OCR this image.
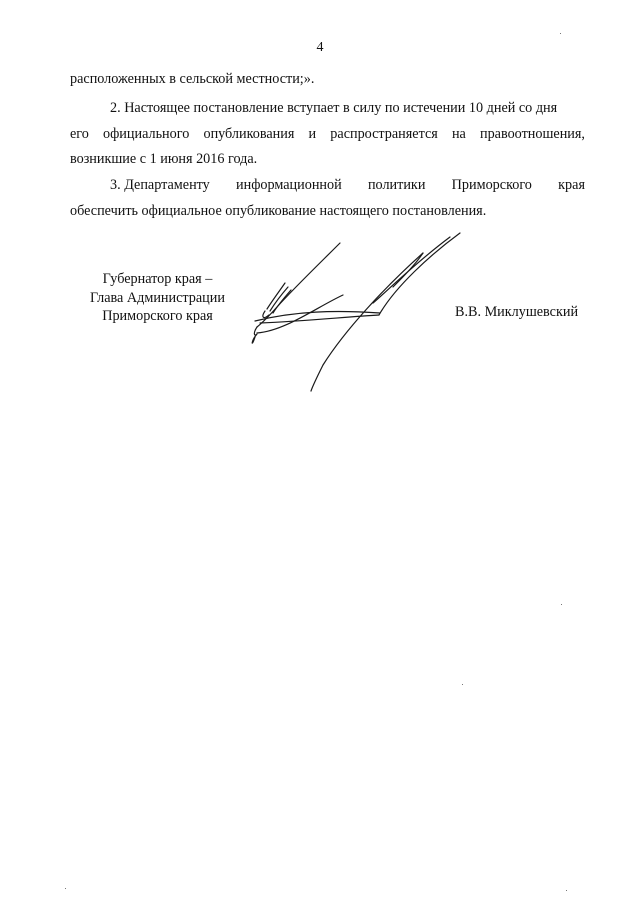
4
расположенных в сельской местности;».
2. Настоящее постановление вступает в силу по истечении 10 дней со дня
его официального опубликования и распространяется на правоотношения,
возникшие с 1 июня 2016 года.
3. Департаменту информационной политики Приморского края
обеспечить официальное опубликование настоящего постановления.
Губернатор края –
Глава Администрации
Приморского края	В.В. Миклушевский
